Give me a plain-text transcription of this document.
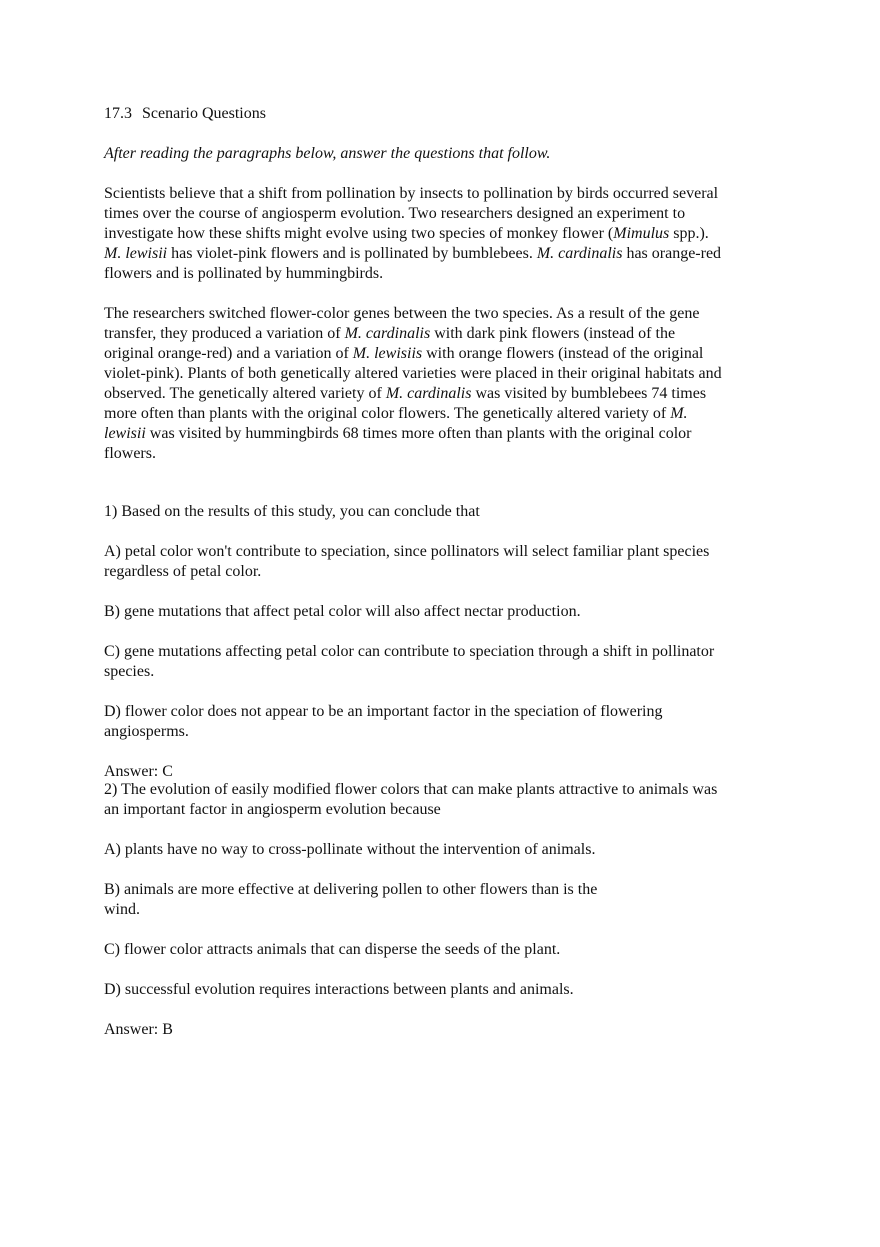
17.3 Scenario Questions
After reading the paragraphs below, answer the questions that follow.
Scientists believe that a shift from pollination by insects to pollination by birds occurred several
times over the course of angiosperm evolution. Two researchers designed an experiment to
investigate how these shifts might evolve using two species of monkey flower (Mimulus spp.).
M. lewisii has violet-pink flowers and is pollinated by bumblebees. M. cardinalis has orange-red
flowers and is pollinated by hummingbirds.
The researchers switched flower-color genes between the two species. As a result of the gene
transfer, they produced a variation of M. cardinalis with dark pink flowers (instead of the
original orange-red) and a variation of M. lewisiis with orange flowers (instead of the original
violet-pink). Plants of both genetically altered varieties were placed in their original habitats and
observed. The genetically altered variety of M. cardinalis was visited by bumblebees 74 times
more often than plants with the original color flowers. The genetically altered variety of M.
lewisii was visited by hummingbirds 68 times more often than plants with the original color
flowers.

1) Based on the results of this study, you can conclude that

A) petal color won't contribute to speciation, since pollinators will select familiar plant species
regardless of petal color.

B) gene mutations that affect petal color will also affect nectar production.

C) gene mutations affecting petal color can contribute to speciation through a shift in pollinator
species.

D) flower color does not appear to be an important factor in the speciation of flowering
angiosperms.

Answer: C

2) The evolution of easily modified flower colors that can make plants attractive to animals was
an important factor in angiosperm evolution because

A) plants have no way to cross-pollinate without the intervention of animals.

B) animals are more effective at delivering pollen to other flowers than is the
wind.

C) flower color attracts animals that can disperse the seeds of the plant.

D) successful evolution requires interactions between plants and animals.

Answer: B
